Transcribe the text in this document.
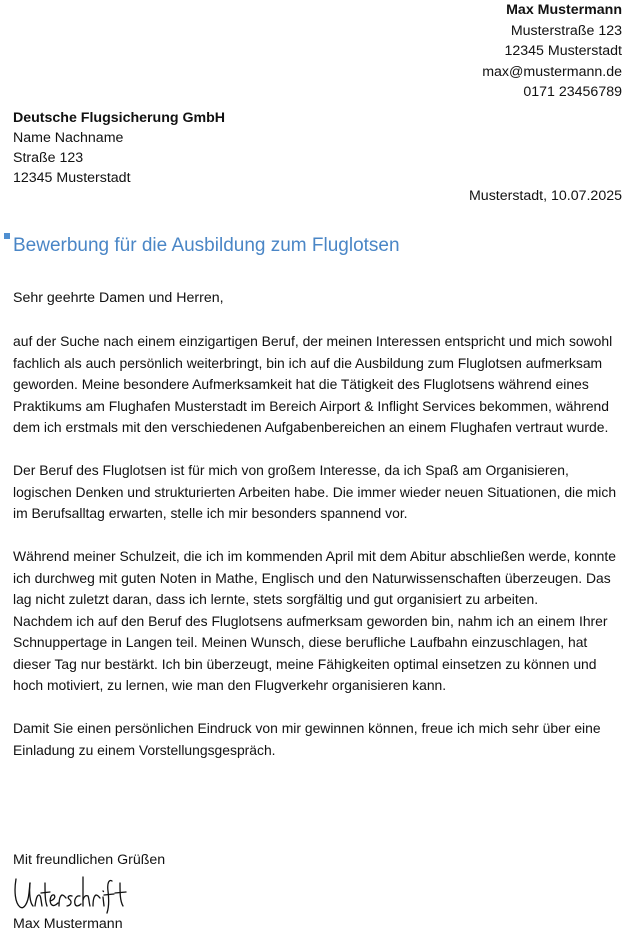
Max Mustermann
Musterstraße 123
12345 Musterstadt
max@mustermann.de
0171 23456789
Deutsche Flugsicherung GmbH
Name Nachname
Straße 123
12345 Musterstadt
Musterstadt, 10.07.2025
Bewerbung für die Ausbildung zum Fluglotsen
Sehr geehrte Damen und Herren,

auf der Suche nach einem einzigartigen Beruf, der meinen Interessen entspricht und mich sowohl fachlich als auch persönlich weiterbringt, bin ich auf die Ausbildung zum Fluglotsen aufmerksam geworden. Meine besondere Aufmerksamkeit hat die Tätigkeit des Fluglotsens während eines Praktikums am Flughafen Musterstadt im Bereich Airport & Inflight Services bekommen, während dem ich erstmals mit den verschiedenen Aufgabenbereichen an einem Flughafen vertraut wurde.

Der Beruf des Fluglotsen ist für mich von großem Interesse, da ich Spaß am Organisieren, logischen Denken und strukturierten Arbeiten habe. Die immer wieder neuen Situationen, die mich im Berufsalltag erwarten, stelle ich mir besonders spannend vor.

Während meiner Schulzeit, die ich im kommenden April mit dem Abitur abschließen werde, konnte ich durchweg mit guten Noten in Mathe, Englisch und den Naturwissenschaften überzeugen. Das lag nicht zuletzt daran, dass ich lernte, stets sorgfältig und gut organisiert zu arbeiten.

Nachdem ich auf den Beruf des Fluglotsens aufmerksam geworden bin, nahm ich an einem Ihrer Schnuppertage in Langen teil. Meinen Wunsch, diese berufliche Laufbahn einzuschlagen, hat dieser Tag nur bestärkt. Ich bin überzeugt, meine Fähigkeiten optimal einsetzen zu können und hoch motiviert, zu lernen, wie man den Flugverkehr organisieren kann.

Damit Sie einen persönlichen Eindruck von mir gewinnen können, freue ich mich sehr über eine Einladung zu einem Vorstellungsgespräch.

Mit freundlichen Grüßen
Unterschrift
Max Mustermann
